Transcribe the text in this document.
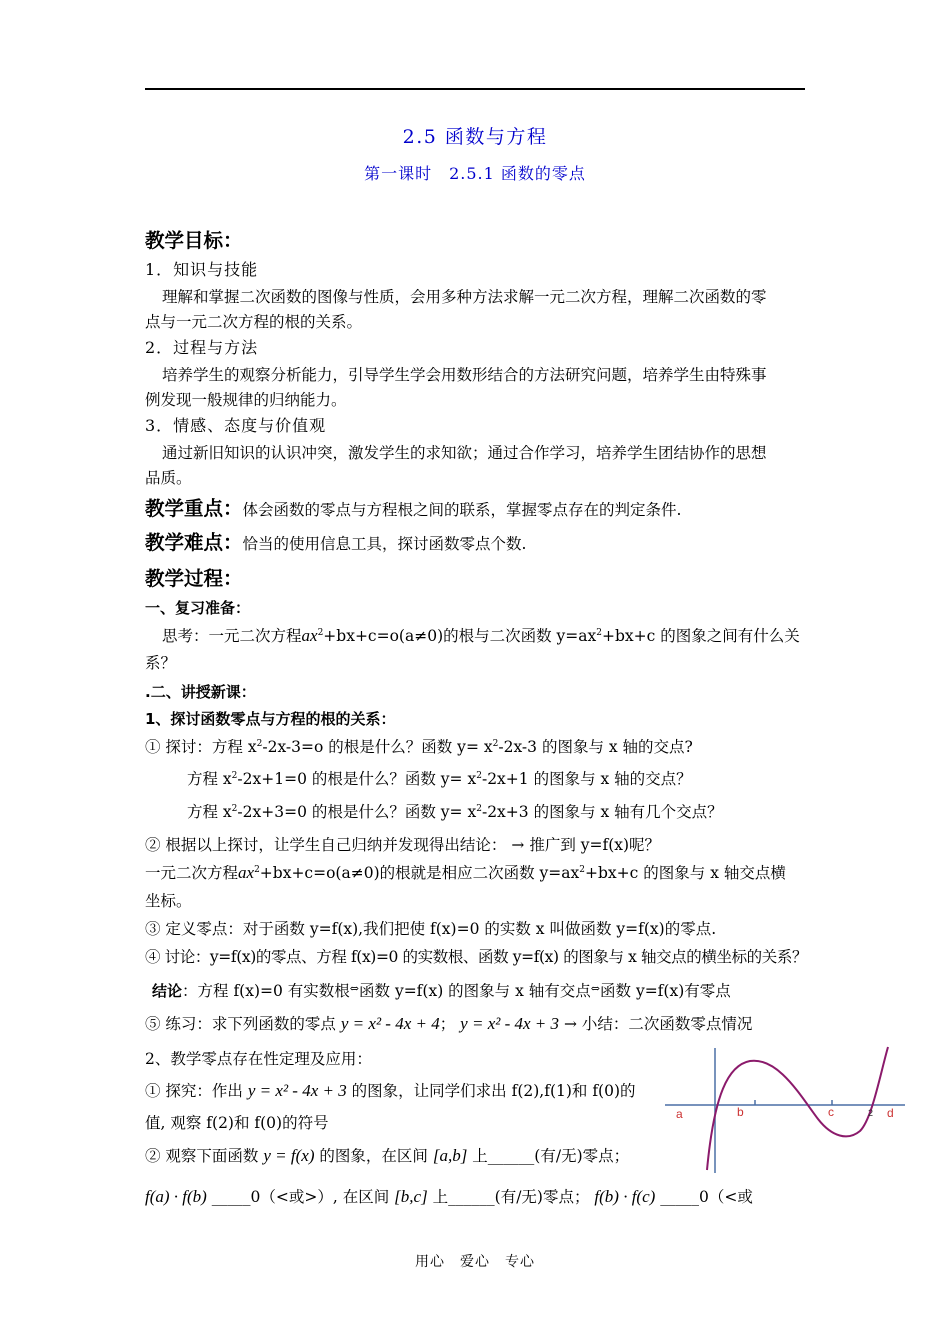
2.5 函数与方程
第一课时　2.5.1 函数的零点
教学目标：
1．知识与技能
理解和掌握二次函数的图像与性质，会用多种方法求解一元二次方程，理解二次函数的零
点与一元二次方程的根的关系。
2．过程与方法
培养学生的观察分析能力，引导学生学会用数形结合的方法研究问题，培养学生由特殊事
例发现一般规律的归纳能力。
3．情感、态度与价值观
通过新旧知识的认识冲突，激发学生的求知欲；通过合作学习，培养学生团结协作的思想
品质。
教学重点：体会函数的零点与方程根之间的联系，掌握零点存在的判定条件.
教学难点：恰当的使用信息工具，探讨函数零点个数.
教学过程：
一、复习准备：
思考：一元二次方程$ax^2+bx+c=o(a\ne 0)$的根与二次函数 $y=ax^2+bx+c$ 的图象之间有什么关
系？
.二、讲授新课：
1、探讨函数零点与方程的根的关系：
① 探讨：方程 $x^2-2x-3=o$ 的根是什么？函数 $y= x^2-2x-3$ 的图象与 x 轴的交点?
方程 $x^2-2x+1=0$ 的根是什么？函数 $y= x^2-2x+1$ 的图象与 x 轴的交点？
方程 $x^2-2x+3=0$ 的根是什么？函数 $y= x^2-2x+3$ 的图象与 x 轴有几个交点？
② 根据以上探讨，让学生自己归纳并发现得出结论： → 推广到 y=f(x)呢？
一元二次方程$ax^2+bx+c=o(a\ne 0)$的根就是相应二次函数 $y=ax^2+bx+c$ 的图象与 x 轴交点横
坐标。
③ 定义零点：对于函数 y=f(x),我们把使 f(x)=0 的实数 x 叫做函数 y=f(x)的零点.
④ 讨论：y=f(x)的零点、方程 f(x)=0 的实数根、函数 y=f(x) 的图象与 x 轴交点的横坐标的关系？
结论：方程 f(x)=0 有实数根⇔函数 y=f(x) 的图象与 x 轴有交点⇔函数 y=f(x)有零点
⑤ 练习：求下列函数的零点 y = x² - 4x + 4； y = x² - 4x + 3 → 小结：二次函数零点情况
2、教学零点存在性定理及应用：
① 探究：作出 y = x² - 4x + 3 的图象，让同学们求出 f(2),f(1)和 f(0)的
值, 观察 f(2)和 f(0)的符号
② 观察下面函数 y = f(x) 的图象，在区间 [a,b] 上______(有/无)零点；
f(a) · f(b) _____0（<或>）, 在区间 [b,c] 上______(有/无)零点； f(b) · f(c) _____0（<或
a	b	c	2 d
用心　爱心　专心
